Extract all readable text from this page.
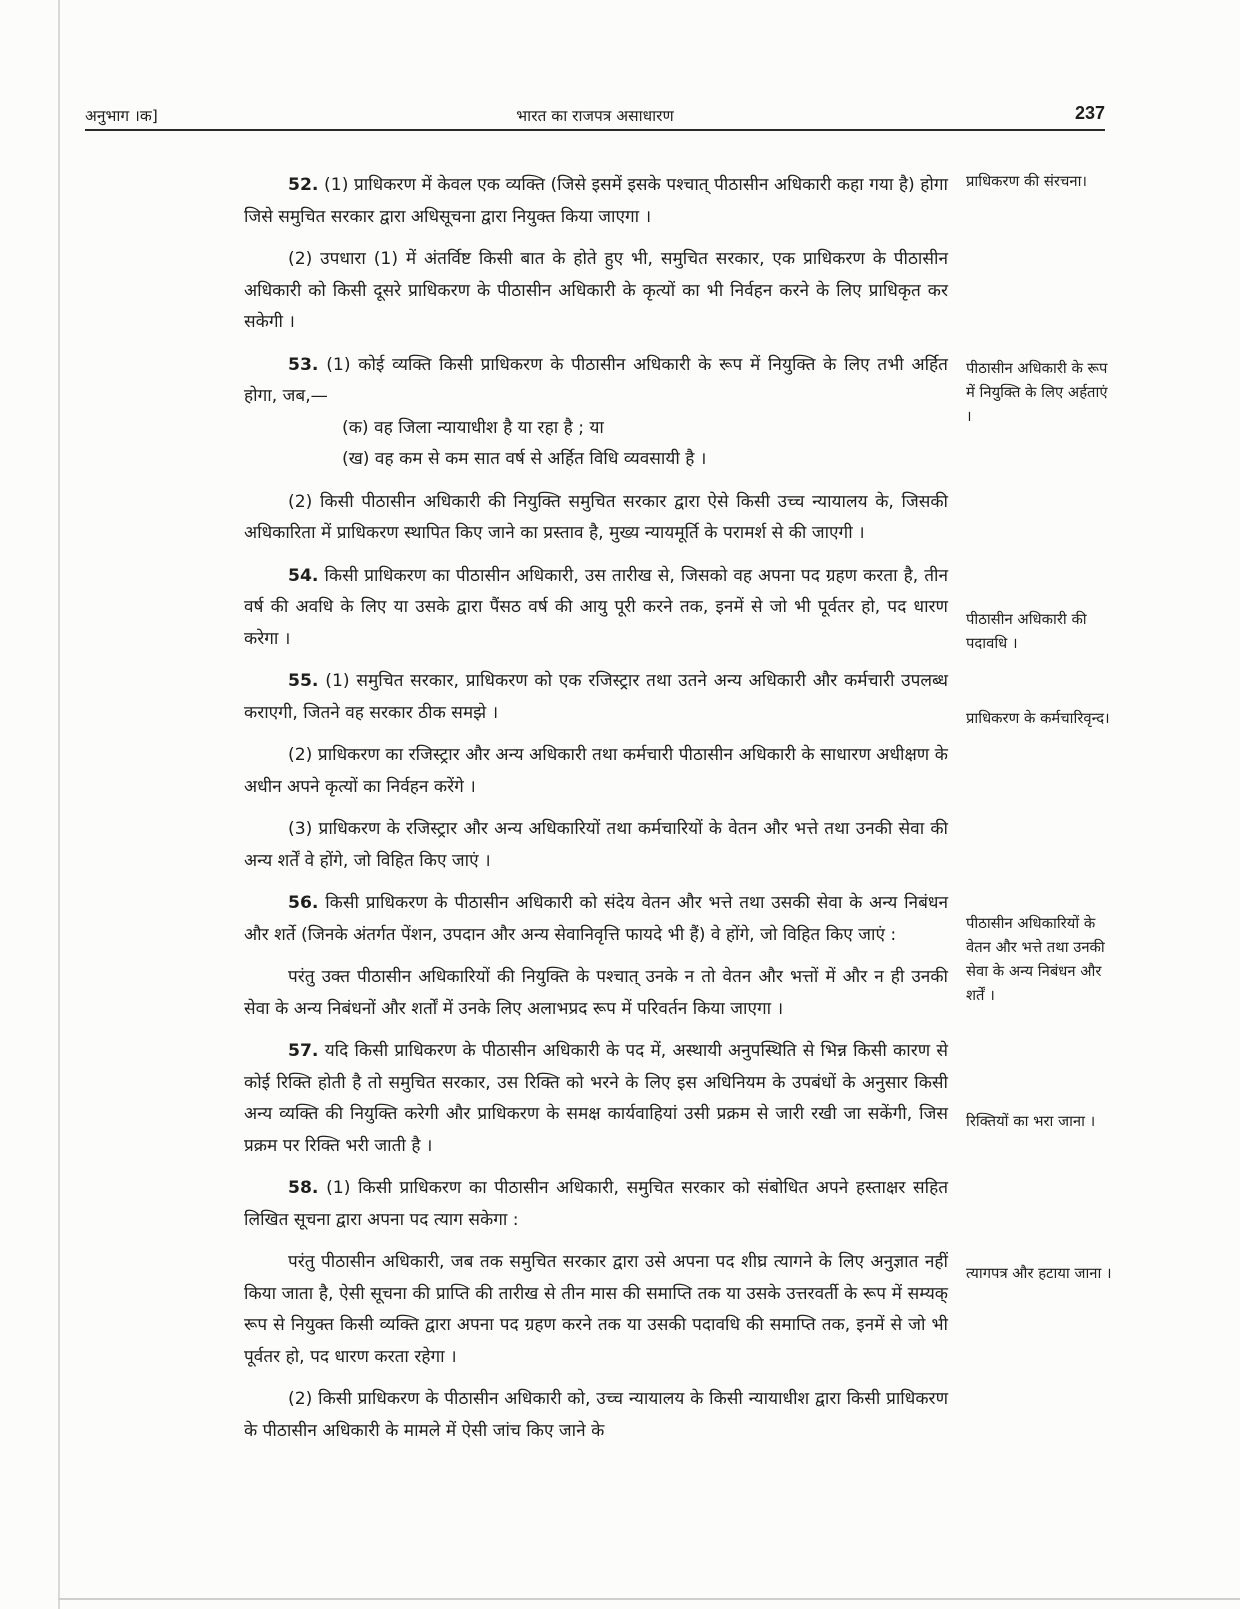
अनुभाग ।क]	भारत का राजपत्र असाधारण	237

52. (1) प्राधिकरण में केवल एक व्यक्ति (जिसे इसमें इसके पश्चात् पीठासीन अधिकारी कहा गया है) होगा जिसे समुचित सरकार द्वारा अधिसूचना द्वारा नियुक्त किया जाएगा ।

(2) उपधारा (1) में अंतर्विष्ट किसी बात के होते हुए भी, समुचित सरकार, एक प्राधिकरण के पीठासीन अधिकारी को किसी दूसरे प्राधिकरण के पीठासीन अधिकारी के कृत्यों का भी निर्वहन करने के लिए प्राधिकृत कर सकेगी ।

53. (1) कोई व्यक्ति किसी प्राधिकरण के पीठासीन अधिकारी के रूप में नियुक्ति के लिए तभी अर्हित होगा, जब,—

(क) वह जिला न्यायाधीश है या रहा है ; या

(ख) वह कम से कम सात वर्ष से अर्हित विधि व्यवसायी है ।

(2) किसी पीठासीन अधिकारी की नियुक्ति समुचित सरकार द्वारा ऐसे किसी उच्च न्यायालय के, जिसकी अधिकारिता में प्राधिकरण स्थापित किए जाने का प्रस्ताव है, मुख्य न्यायमूर्ति के परामर्श से की जाएगी ।

54. किसी प्राधिकरण का पीठासीन अधिकारी, उस तारीख से, जिसको वह अपना पद ग्रहण करता है, तीन वर्ष की अवधि के लिए या उसके द्वारा पैंसठ वर्ष की आयु पूरी करने तक, इनमें से जो भी पूर्वतर हो, पद धारण करेगा ।

55. (1) समुचित सरकार, प्राधिकरण को एक रजिस्ट्रार तथा उतने अन्य अधिकारी और कर्मचारी उपलब्ध कराएगी, जितने वह सरकार ठीक समझे ।

(2) प्राधिकरण का रजिस्ट्रार और अन्य अधिकारी तथा कर्मचारी पीठासीन अधिकारी के साधारण अधीक्षण के अधीन अपने कृत्यों का निर्वहन करेंगे ।

(3) प्राधिकरण के रजिस्ट्रार और अन्य अधिकारियों तथा कर्मचारियों के वेतन और भत्ते तथा उनकी सेवा की अन्य शर्तें वे होंगे, जो विहित किए जाएं ।

56. किसी प्राधिकरण के पीठासीन अधिकारी को संदेय वेतन और भत्ते तथा उसकी सेवा के अन्य निबंधन और शर्ते (जिनके अंतर्गत पेंशन, उपदान और अन्य सेवानिवृत्ति फायदे भी हैं) वे होंगे, जो विहित किए जाएं :

परंतु उक्त पीठासीन अधिकारियों की नियुक्ति के पश्चात् उनके न तो वेतन और भत्तों में और न ही उनकी सेवा के अन्य निबंधनों और शर्तों में उनके लिए अलाभप्रद रूप में परिवर्तन किया जाएगा ।

57. यदि किसी प्राधिकरण के पीठासीन अधिकारी के पद में, अस्थायी अनुपस्थिति से भिन्न किसी कारण से कोई रिक्ति होती है तो समुचित सरकार, उस रिक्ति को भरने के लिए इस अधिनियम के उपबंधों के अनुसार किसी अन्य व्यक्ति की नियुक्ति करेगी और प्राधिकरण के समक्ष कार्यवाहियां उसी प्रक्रम से जारी रखी जा सकेंगी, जिस प्रक्रम पर रिक्ति भरी जाती है ।

58. (1) किसी प्राधिकरण का पीठासीन अधिकारी, समुचित सरकार को संबोधित अपने हस्ताक्षर सहित लिखित सूचना द्वारा अपना पद त्याग सकेगा :

परंतु पीठासीन अधिकारी, जब तक समुचित सरकार द्वारा उसे अपना पद शीघ्र त्यागने के लिए अनुज्ञात नहीं किया जाता है, ऐसी सूचना की प्राप्ति की तारीख से तीन मास की समाप्ति तक या उसके उत्तरवर्ती के रूप में सम्यक् रूप से नियुक्त किसी व्यक्ति द्वारा अपना पद ग्रहण करने तक या उसकी पदावधि की समाप्ति तक, इनमें से जो भी पूर्वतर हो, पद धारण करता रहेगा ।

(2) किसी प्राधिकरण के पीठासीन अधिकारी को, उच्च न्यायालय के किसी न्यायाधीश द्वारा किसी प्राधिकरण के पीठासीन अधिकारी के मामले में ऐसी जांच किए जाने के

प्राधिकरण की संरचना।
पीठासीन अधिकारी के रूप में नियुक्ति के लिए अर्हताएं ।
पीठासीन अधिकारी की पदावधि ।
प्राधिकरण के कर्मचारिवृन्द।
पीठासीन अधिकारियों के वेतन और भत्ते तथा उनकी सेवा के अन्य निबंधन और शर्तें ।
रिक्तियों का भरा जाना ।
त्यागपत्र और हटाया जाना ।
